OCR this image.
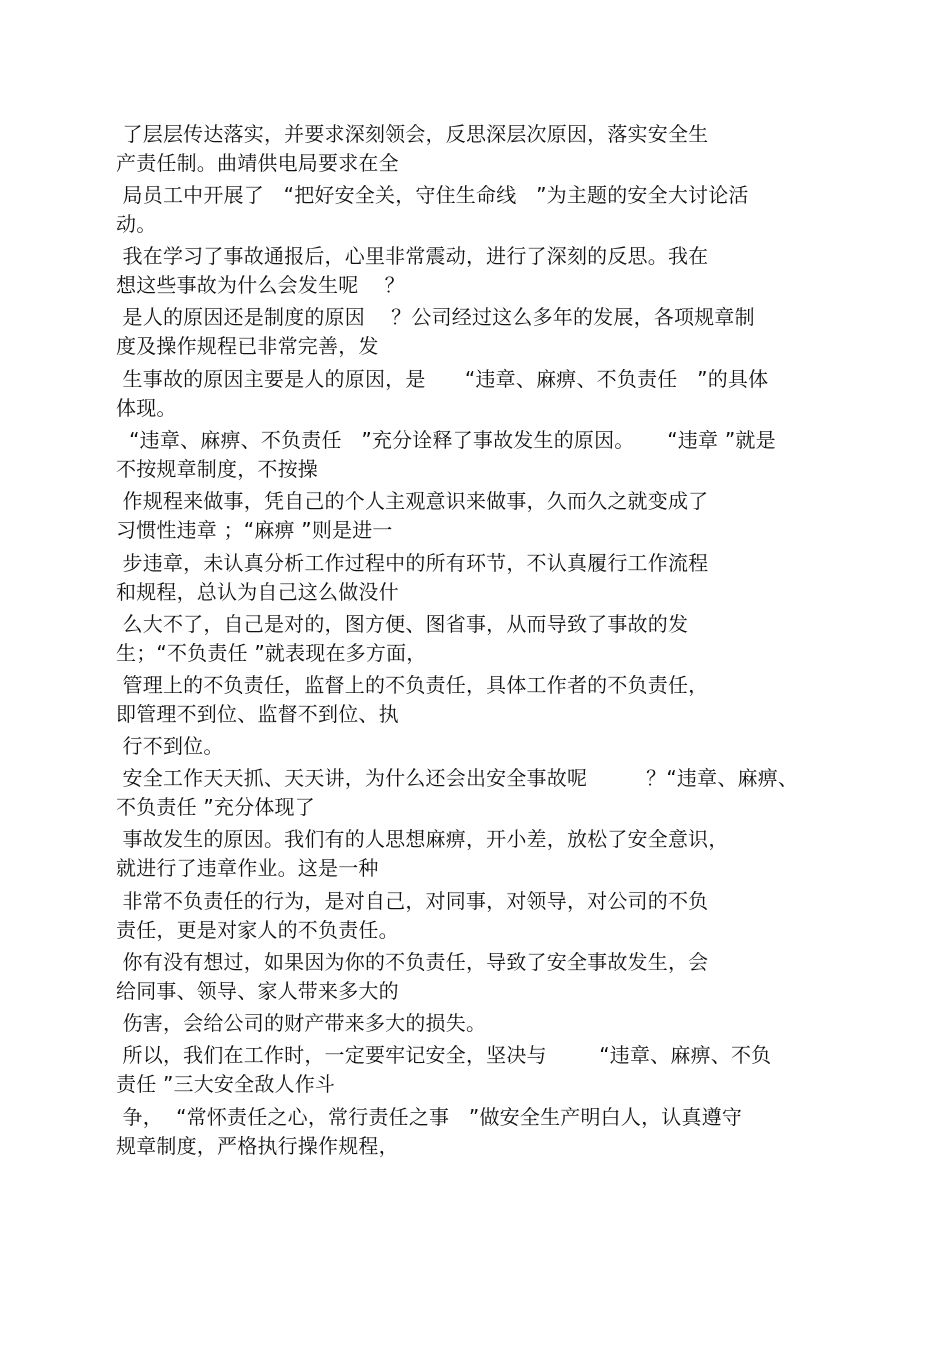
了层层传达落实，并要求深刻领会，反思深层次原因，落实安全生
产责任制。曲靖供电局要求在全
局员工中开展了   “把好安全关，守住生命线   ”为主题的安全大讨论活
动。
我在学习了事故通报后，心里非常震动，进行了深刻的反思。我在
想这些事故为什么会发生呢    ？
是人的原因还是制度的原因    ？公司经过这么多年的发展，各项规章制
度及操作规程已非常完善，发
生事故的原因主要是人的原因，是      “违章、麻痹、不负责任   ”的具体
体现。
“违章、麻痹、不负责任   ”充分诠释了事故发生的原因。     “违章 ”就是
不按规章制度，不按操
作规程来做事，凭自己的个人主观意识来做事，久而久之就变成了
习惯性违章 ；“麻痹 ”则是进一
步违章，未认真分析工作过程中的所有环节，不认真履行工作流程
和规程，总认为自己这么做没什
么大不了，自己是对的，图方便、图省事，从而导致了事故的发
生；“不负责任 ”就表现在多方面，
管理上的不负责任，监督上的不负责任，具体工作者的不负责任，
即管理不到位、监督不到位、执
行不到位。
安全工作天天抓、天天讲，为什么还会出安全事故呢         ？“违章、麻痹、
不负责任 ”充分体现了
事故发生的原因。我们有的人思想麻痹，开小差，放松了安全意识，
就进行了违章作业。这是一种
非常不负责任的行为，是对自己，对同事，对领导，对公司的不负
责任，更是对家人的不负责任。
你有没有想过，如果因为你的不负责任，导致了安全事故发生，会
给同事、领导、家人带来多大的
伤害，会给公司的财产带来多大的损失。
所以，我们在工作时，一定要牢记安全，坚决与        “违章、麻痹、不负
责任 ”三大安全敌人作斗
争，  “常怀责任之心，常行责任之事   ”做安全生产明白人，认真遵守
规章制度，严格执行操作规程，
